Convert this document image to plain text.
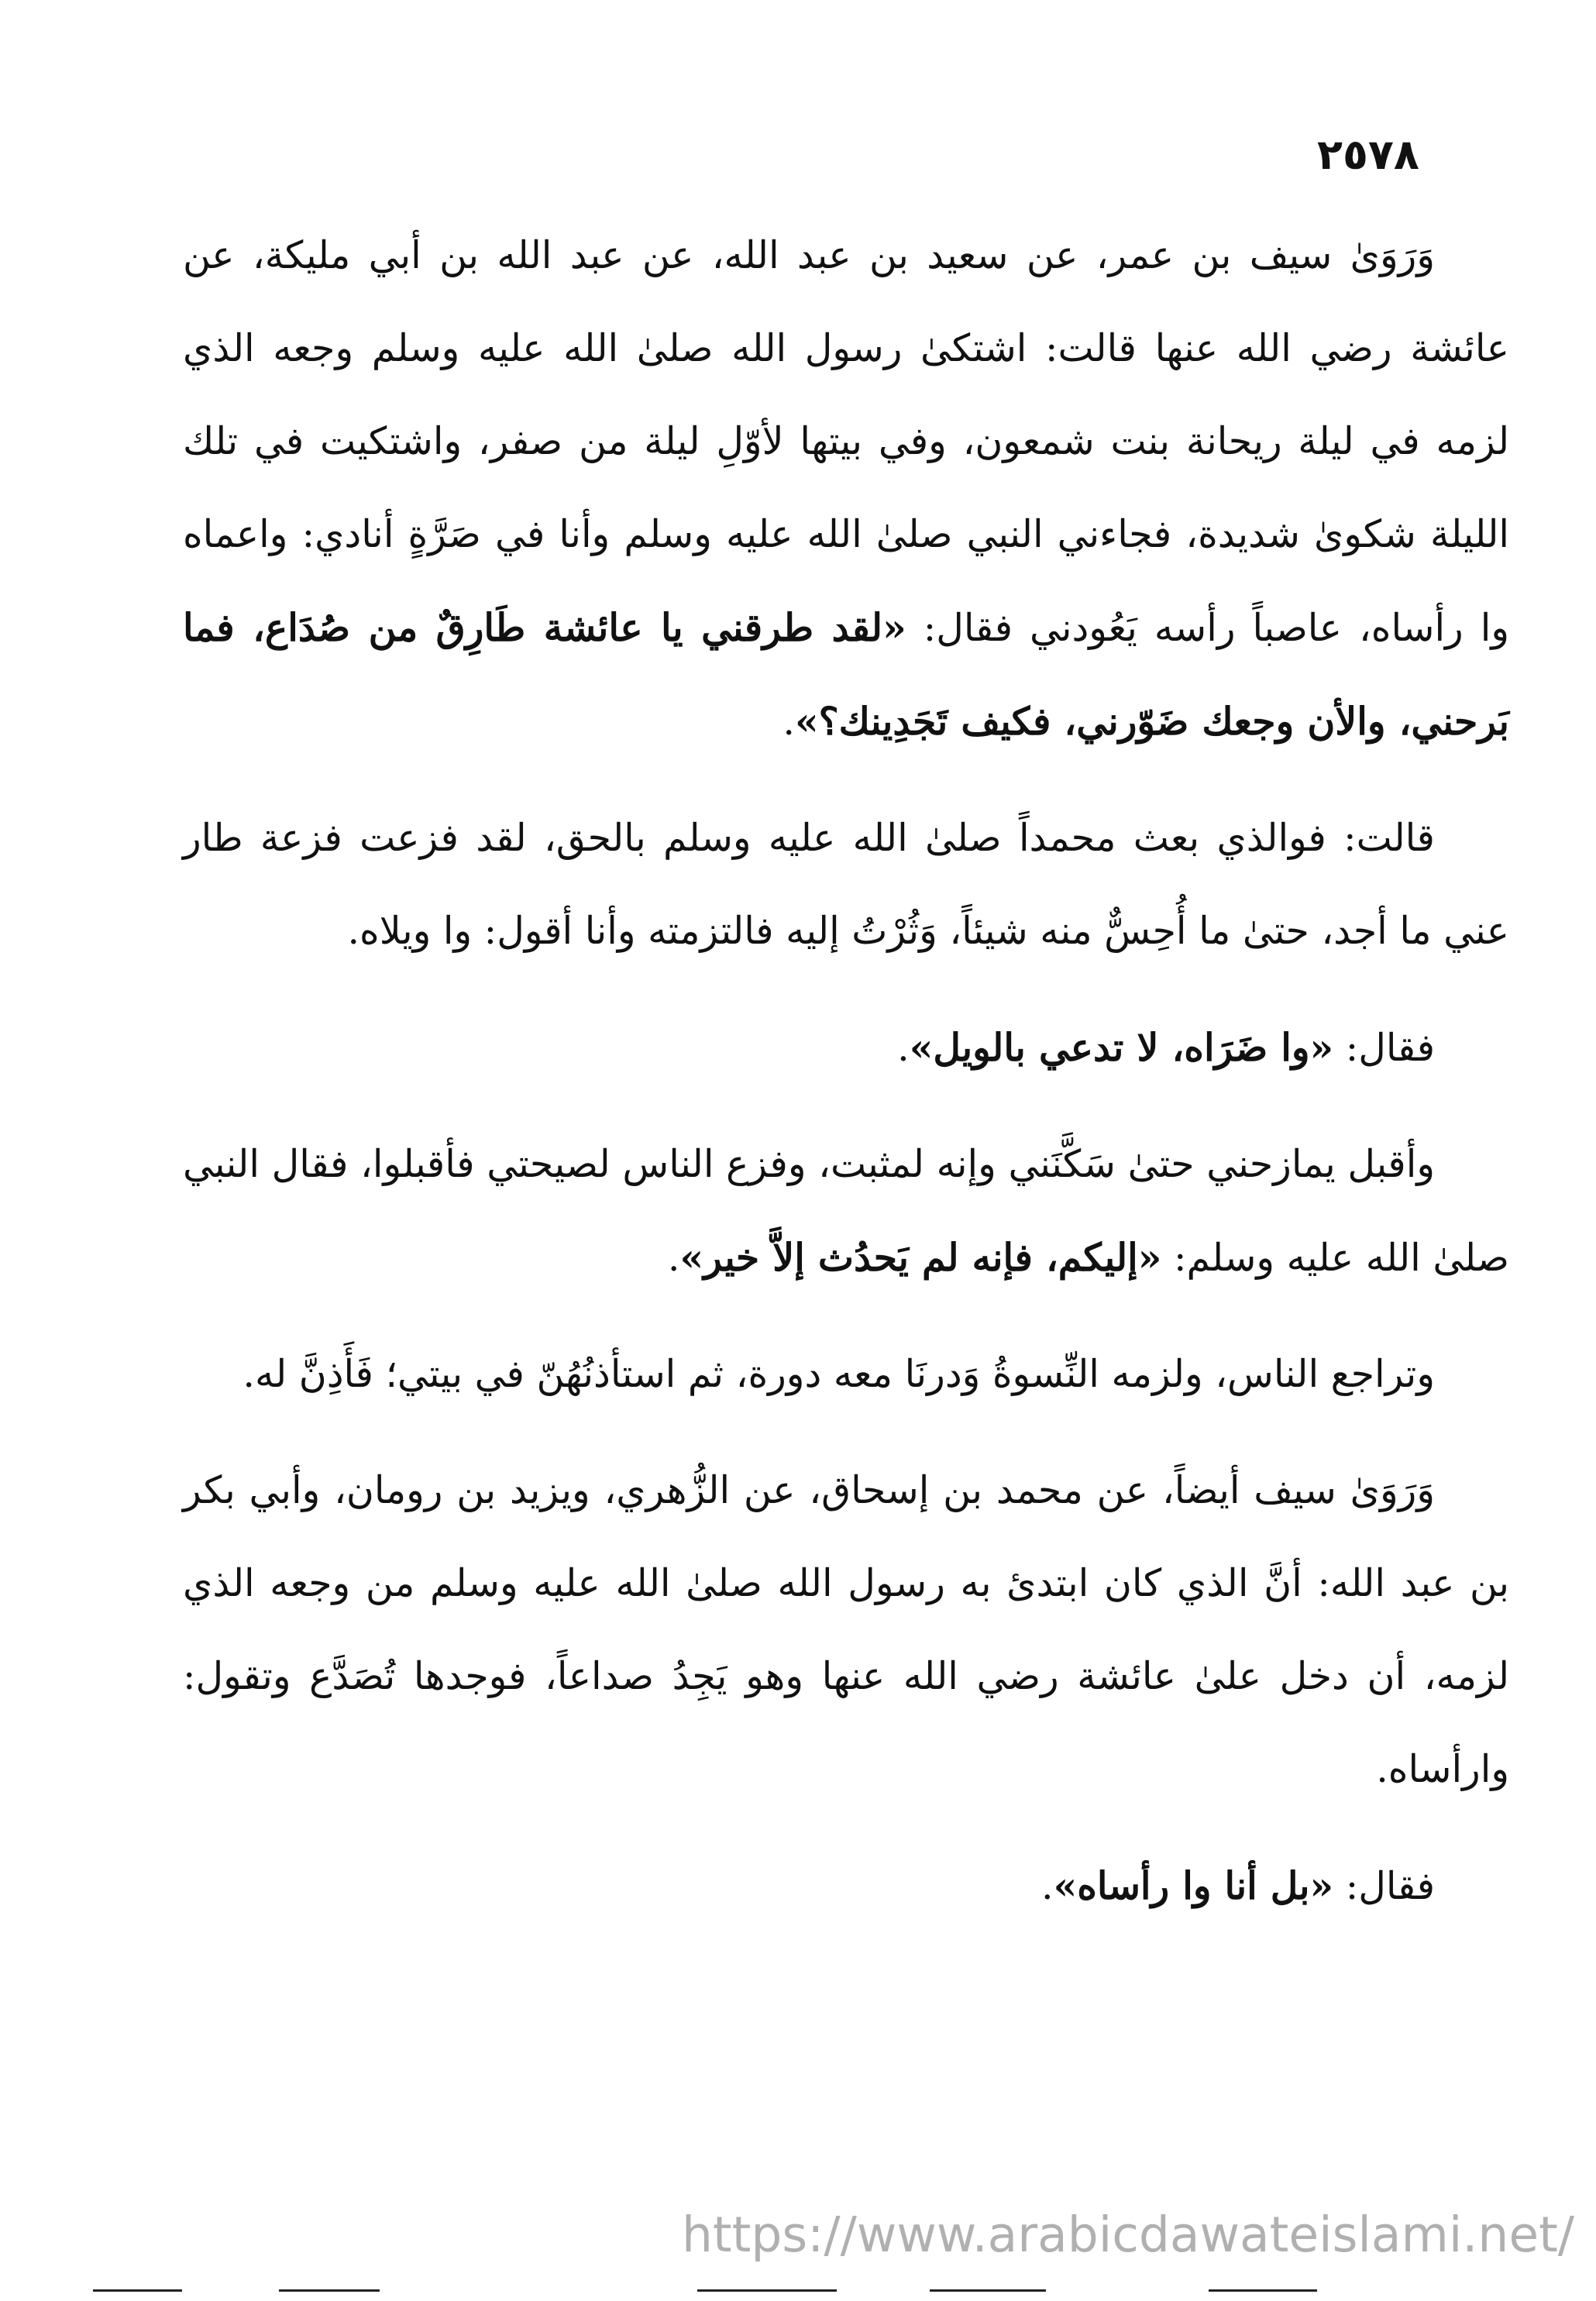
٢٥٧٨

وَرَوَىٰ سيف بن عمر، عن سعيد بن عبد الله، عن عبد الله بن أبي مليكة، عن عائشة رضي الله عنها قالت: اشتكىٰ رسول الله صلىٰ الله عليه وسلم وجعه الذي لزمه في ليلة ريحانة بنت شمعون، وفي بيتها لأوّلِ ليلة من صفر، واشتكيت في تلك الليلة شكوىٰ شديدة، فجاءني النبي صلىٰ الله عليه وسلم وأنا في صَرَّةٍ أنادي: واعماه وا رأساه، عاصباً رأسه يَعُودني فقال: «لقد طرقني يا عائشة طَارِقٌ من صُدَاع، فما بَرحني، والأن وجعك ضَوّرني، فكيف تَجَدِينك؟».

قالت: فوالذي بعث محمداً صلىٰ الله عليه وسلم بالحق، لقد فزعت فزعة طار عني ما أجد، حتىٰ ما أُحِسٌّ منه شيئاً، وَثُرْتُ إليه فالتزمته وأنا أقول: وا ويلاه.

فقال: «وا ضَرَاه، لا تدعي بالويل».

وأقبل يمازحني حتىٰ سَكَّنَني وإنه لمثبت، وفزع الناس لصيحتي فأقبلوا، فقال النبي صلىٰ الله عليه وسلم: «إليكم، فإنه لم يَحدُث إلاَّ خير».

وتراجع الناس، ولزمه النِّسوةُ وَدرنَا معه دورة، ثم استأذنُهُنّ في بيتي؛ فَأَذِنَّ له.

وَرَوَىٰ سيف أيضاً، عن محمد بن إسحاق، عن الزُّهري، ويزيد بن رومان، وأبي بكر بن عبد الله: أنَّ الذي كان ابتدئ به رسول الله صلىٰ الله عليه وسلم من وجعه الذي لزمه، أن دخل علىٰ عائشة رضي الله عنها وهو يَجِدُ صداعاً، فوجدها تُصَدَّع وتقول: وارأساه.

فقال: «بل أنا وا رأساه».

https://www.arabicdawateislami.net/
